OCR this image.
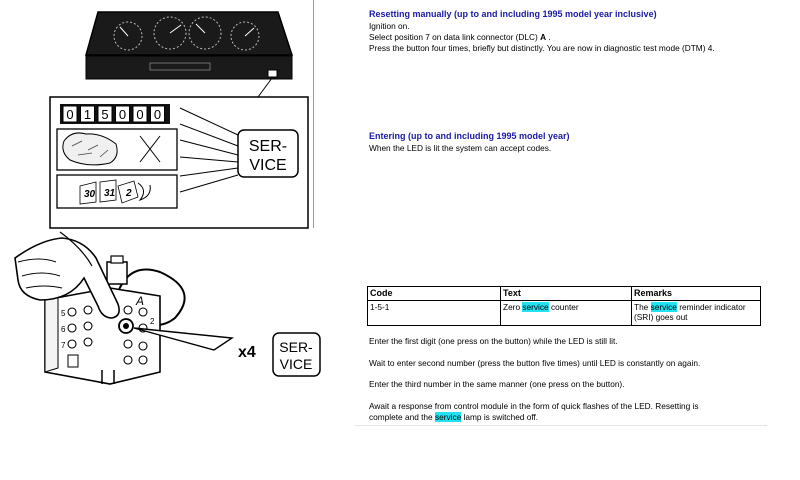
0 1 5 0 0 0
30 31 2
SER-
VICE
5
6
7
2
A
x4 SER-
VICE
Resetting manually (up to and including 1995 model year inclusive)
Ignition on.
Select position 7 on data link connector (DLC) A .
Press the button four times, briefly but distinctly. You are now in diagnostic test mode (DTM) 4.
Entering (up to and including 1995 model year)
When the LED is lit the system can accept codes.
Code	Text	Remarks
1-5-1	Zero service counter	The service reminder indicator
(SRI) goes out
Enter the first digit (one press on the button) while the LED is still lit.
Wait to enter second number (press the button five times) until LED is constantly on again.
Enter the third number in the same manner (one press on the button).
Await a response from control module in the form of quick flashes of the LED. Resetting is
complete and the service lamp is switched off.
